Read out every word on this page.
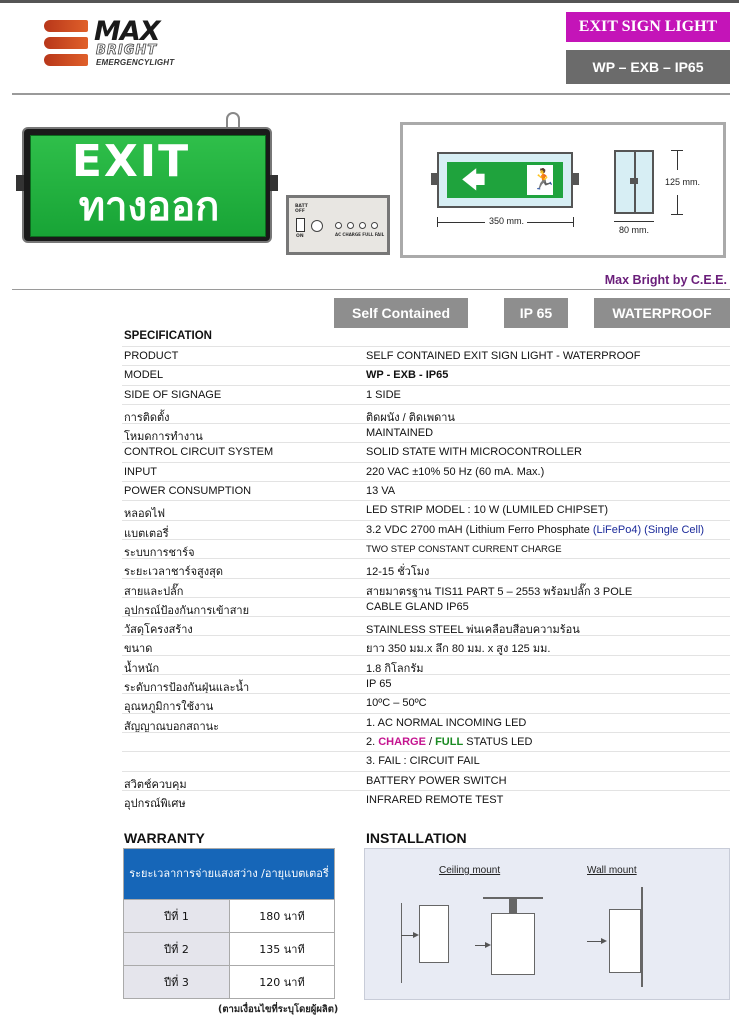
MAX
BRIGHT
EMERGENCYLIGHT
EXIT SIGN LIGHT
WP – EXB – IP65
EXIT
ทางออก	BATT
OFF
ON	AC CHARGE FULL FAIL
🡄 🏃
350 mm.
80 mm.
125 mm.
Max Bright by C.E.E.
Self Contained	IP 65	WATERPROOF
SPECIFICATION
PRODUCT	SELF CONTAINED EXIT SIGN LIGHT - WATERPROOF
MODEL	WP - EXB - IP65
SIDE OF SIGNAGE	1 SIDE
การติดตั้ง	ติดผนัง / ติดเพดาน
โหมดการทำงาน	MAINTAINED
CONTROL CIRCUIT SYSTEM	SOLID STATE WITH MICROCONTROLLER
INPUT	220 VAC ±10% 50 Hz (60 mA. Max.)
POWER CONSUMPTION	13 VA
หลอดไฟ	LED STRIP MODEL : 10 W (LUMILED CHIPSET)
แบตเตอรี่	3.2 VDC 2700 mAH (Lithium Ferro Phosphate (LiFePo4) (Single Cell)
ระบบการชาร์จ	TWO STEP CONSTANT CURRENT CHARGE
ระยะเวลาชาร์จสูงสุด	12-15 ชั่วโมง
สายและปลั๊ก	สายมาตรฐาน TIS11 PART 5 – 2553 พร้อมปลั๊ก 3 POLE
อุปกรณ์ป้องกันการเข้าสาย	CABLE GLAND IP65
วัสดุโครงสร้าง	STAINLESS STEEL พ่นเคลือบสีอบความร้อน
ขนาด	ยาว 350 มม.x ลึก 80 มม. x สูง 125 มม.
น้ำหนัก	1.8 กิโลกรัม
ระดับการป้องกันฝุ่นและน้ำ	IP 65
อุณหภูมิการใช้งาน	10ºC – 50ºC
สัญญาณบอกสถานะ	1. AC NORMAL INCOMING LED
2. CHARGE / FULL STATUS LED
3. FAIL : CIRCUIT FAIL
สวิตช์ควบคุม	BATTERY POWER SWITCH
อุปกรณ์พิเศษ	INFRARED REMOTE TEST
WARRANTY
ระยะเวลาการจ่ายแสงสว่าง /อายุแบตเตอรี่
ปีที่ 1	180 นาที
ปีที่ 2	135 นาที
ปีที่ 3	120 นาที
(ตามเงื่อนไขที่ระบุโดยผู้ผลิต)
INSTALLATION
Ceiling mount	Wall mount
